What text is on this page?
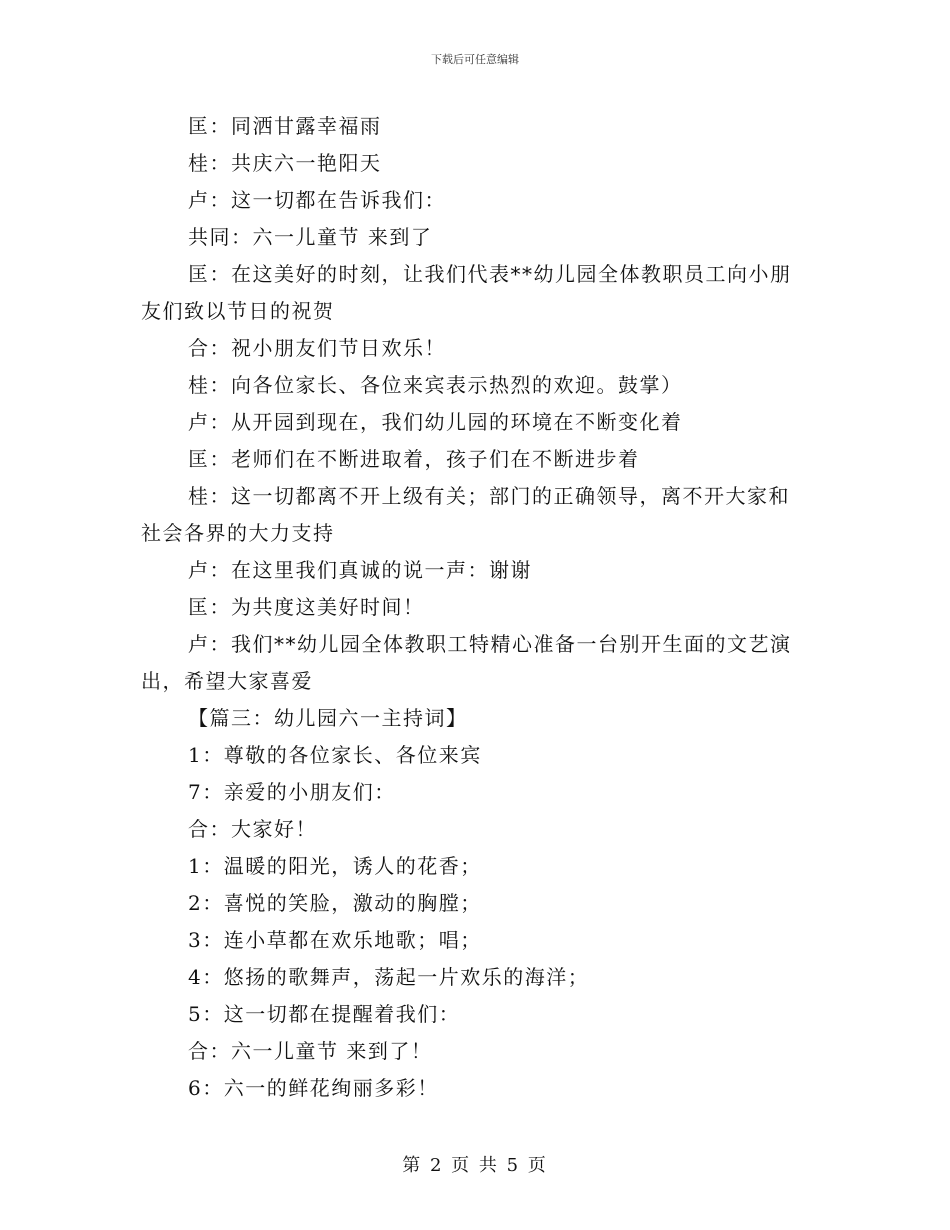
下载后可任意编辑

匡：同洒甘露幸福雨

桂：共庆六一艳阳天

卢：这一切都在告诉我们：

共同：六一儿童节 来到了

匡：在这美好的时刻，让我们代表**幼儿园全体教职员工向小朋友们致以节日的祝贺

合：祝小朋友们节日欢乐！

桂：向各位家长、各位来宾表示热烈的欢迎。鼓掌）

卢：从开园到现在，我们幼儿园的环境在不断变化着

匡：老师们在不断进取着，孩子们在不断进步着

桂：这一切都离不开上级有关；部门的正确领导，离不开大家和社会各界的大力支持

卢：在这里我们真诚的说一声：谢谢

匡：为共度这美好时间！

卢：我们**幼儿园全体教职工特精心准备一台别开生面的文艺演出，希望大家喜爱

【篇三：幼儿园六一主持词】

1：尊敬的各位家长、各位来宾

7：亲爱的小朋友们：

合：大家好！

1：温暖的阳光，诱人的花香；

2：喜悦的笑脸，激动的胸膛；

3：连小草都在欢乐地歌；唱；

4：悠扬的歌舞声，荡起一片欢乐的海洋；

5：这一切都在提醒着我们：

合：六一儿童节 来到了！

6：六一的鲜花绚丽多彩！

第 2 页 共 5 页
